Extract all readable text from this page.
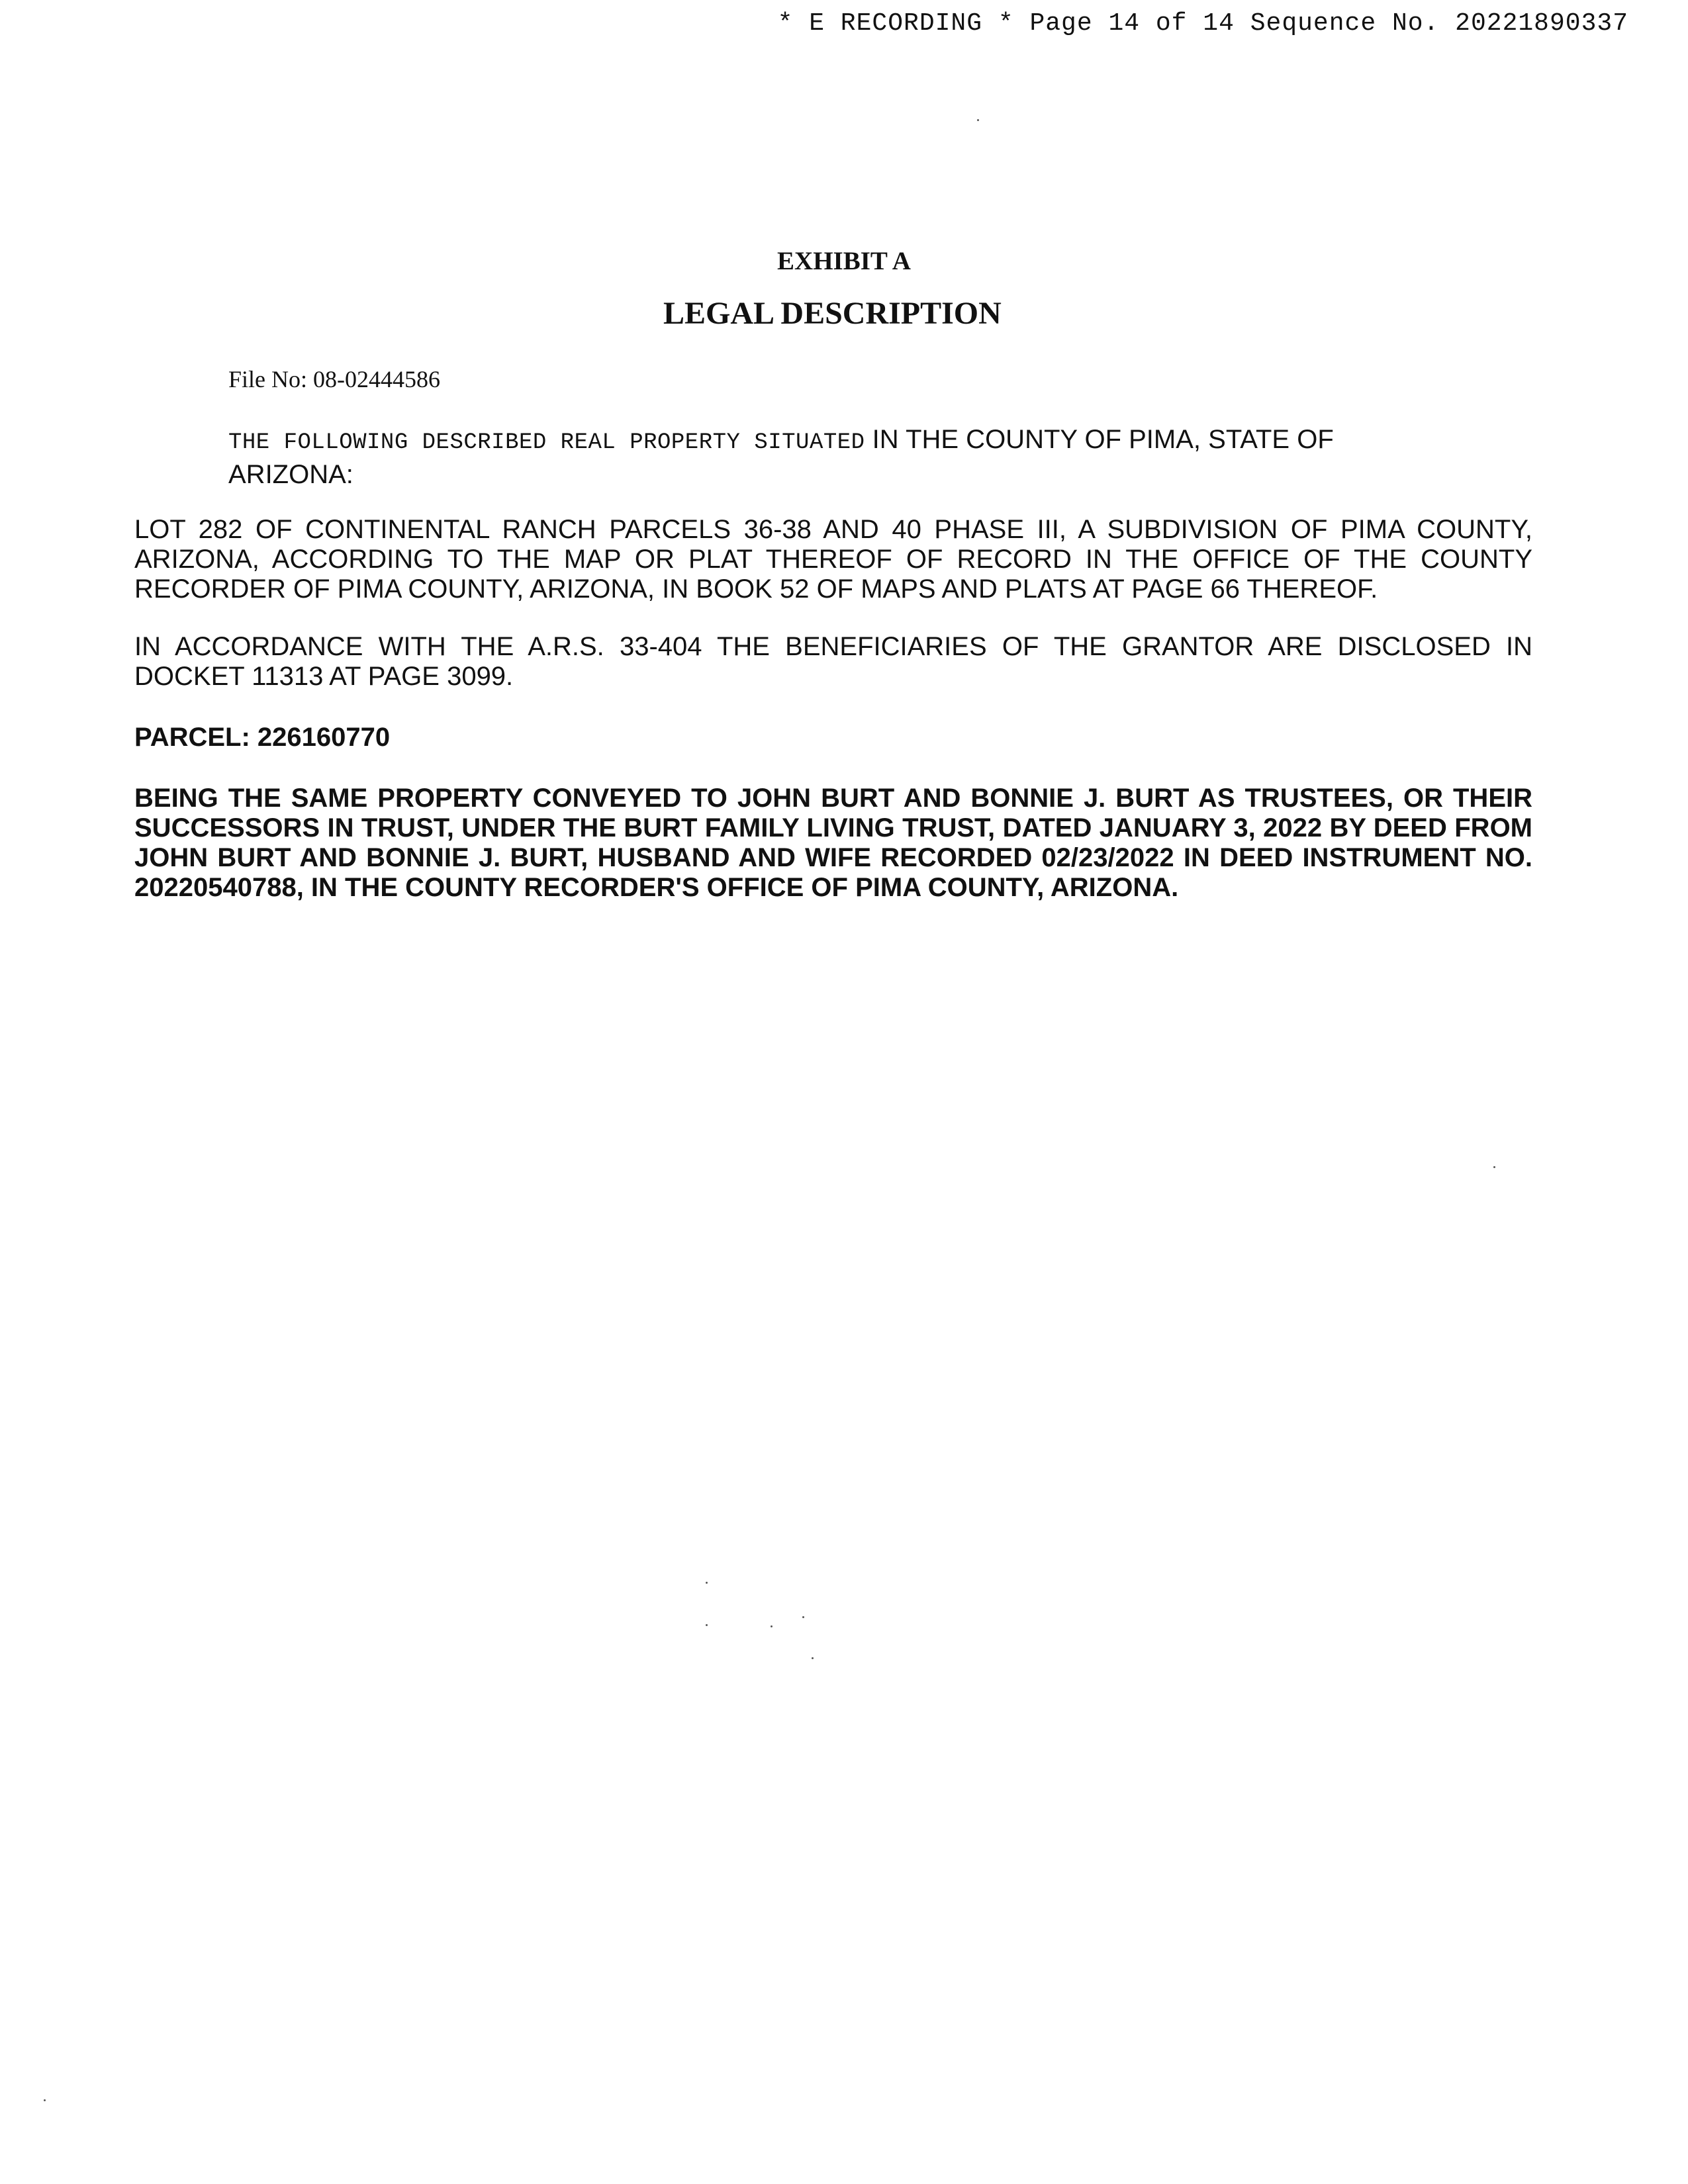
* E RECORDING * Page 14 of 14 Sequence No. 20221890337
EXHIBIT A
LEGAL DESCRIPTION
File No: 08-02444586
THE FOLLOWING DESCRIBED REAL PROPERTY SITUATED IN THE COUNTY OF PIMA, STATE OF ARIZONA:
LOT 282 OF CONTINENTAL RANCH PARCELS 36-38 AND 40 PHASE III, A SUBDIVISION OF PIMA COUNTY, ARIZONA, ACCORDING TO THE MAP OR PLAT THEREOF OF RECORD IN THE OFFICE OF THE COUNTY RECORDER OF PIMA COUNTY, ARIZONA, IN BOOK 52 OF MAPS AND PLATS AT PAGE 66 THEREOF.
IN ACCORDANCE WITH THE A.R.S. 33-404 THE BENEFICIARIES OF THE GRANTOR ARE DISCLOSED IN DOCKET 11313 AT PAGE 3099.
PARCEL: 226160770
BEING THE SAME PROPERTY CONVEYED TO JOHN BURT AND BONNIE J. BURT AS TRUSTEES, OR THEIR SUCCESSORS IN TRUST, UNDER THE BURT FAMILY LIVING TRUST, DATED JANUARY 3, 2022 BY DEED FROM JOHN BURT AND BONNIE J. BURT, HUSBAND AND WIFE RECORDED 02/23/2022 IN DEED INSTRUMENT NO. 20220540788, IN THE COUNTY RECORDER'S OFFICE OF PIMA COUNTY, ARIZONA.
